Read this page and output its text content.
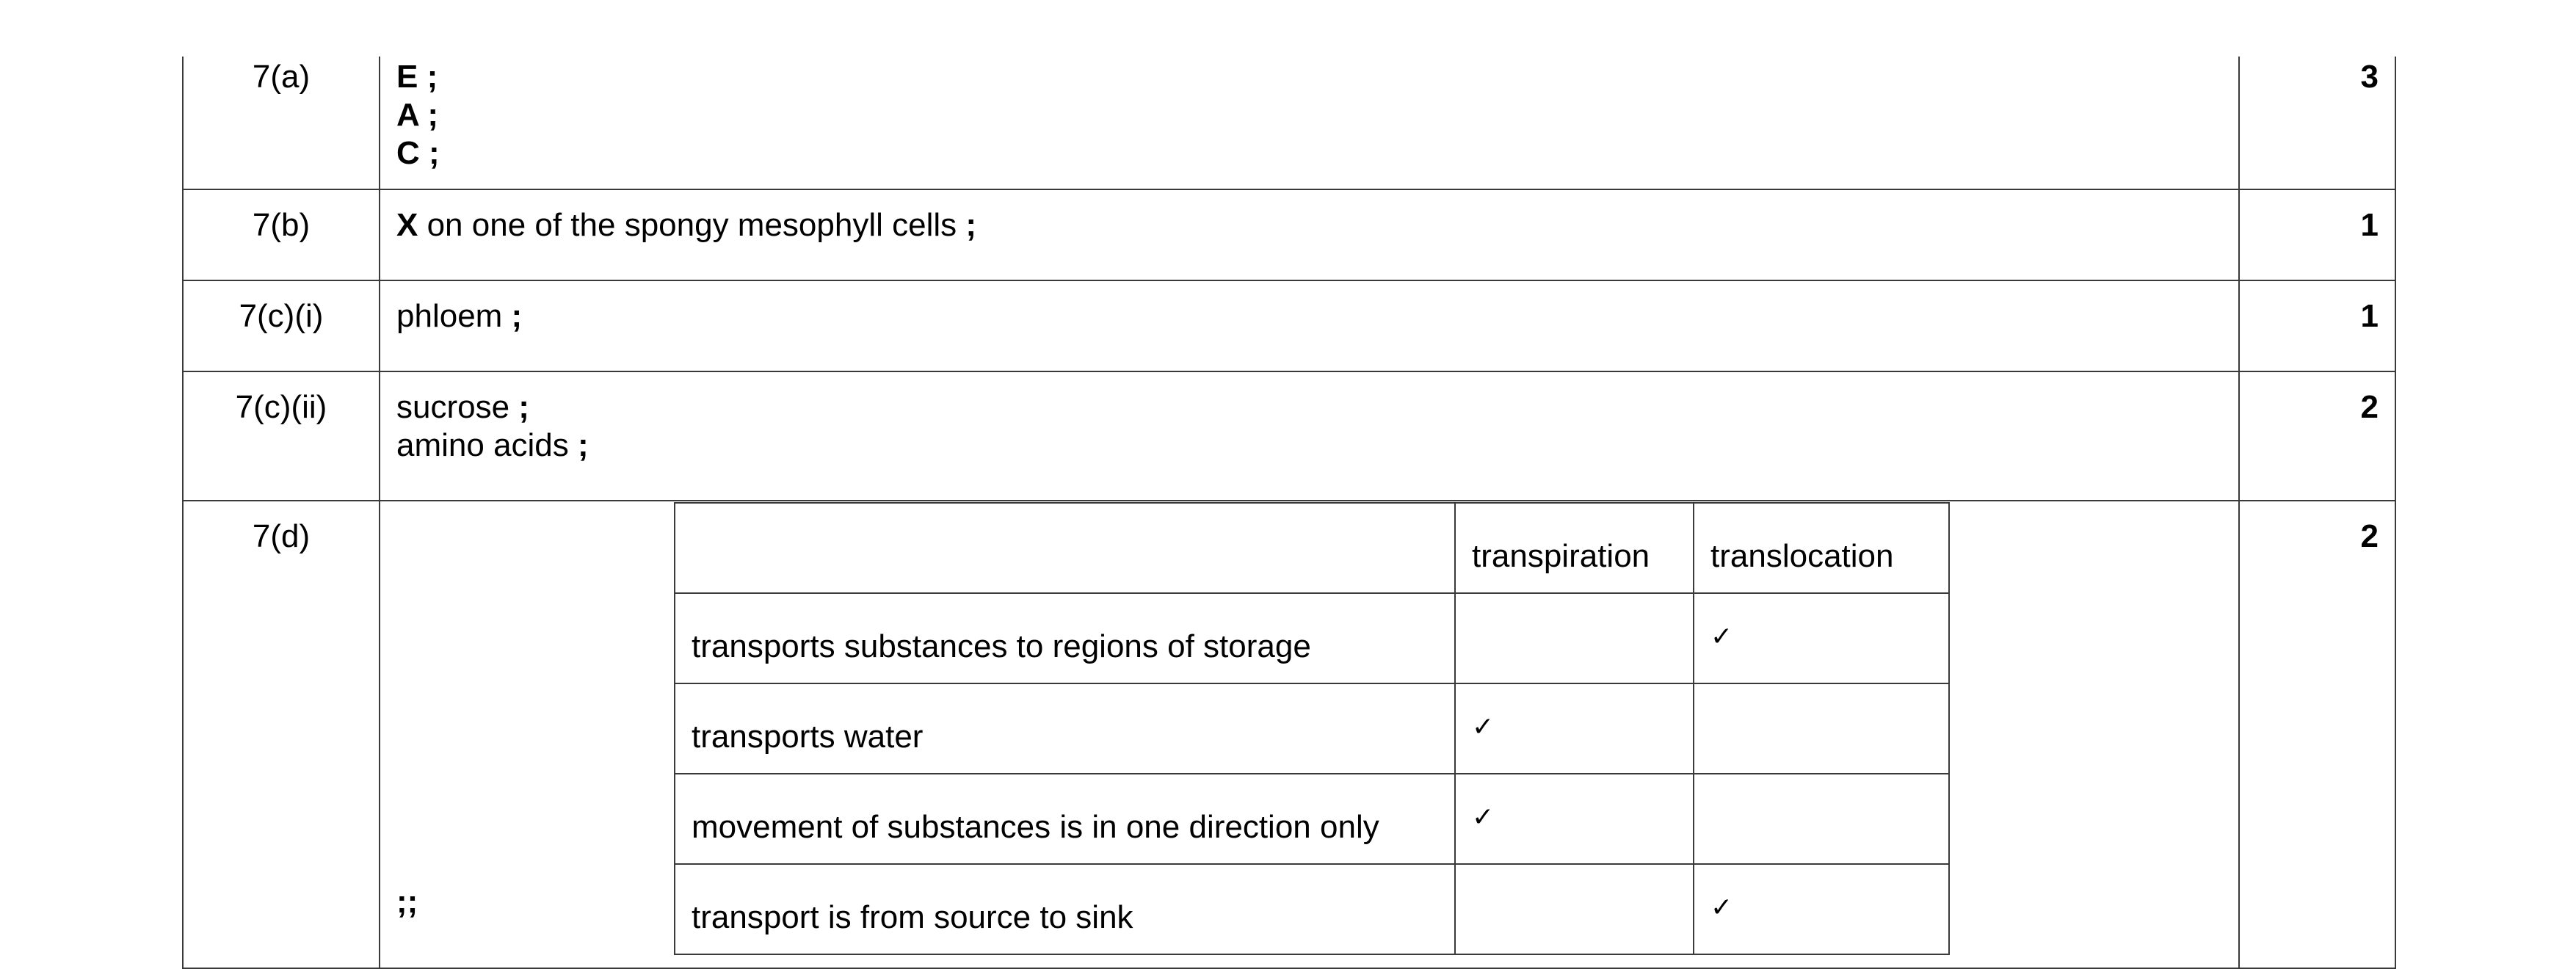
7(a)	E ;
A ;
C ;
	3
7(b)	X on one of the spongy mesophyll cells ;	1
7(c)(i)	phloem ;	1
7(c)(ii)	sucrose ;
amino acids ;
	2
7(d)	
	transpiration	translocation
transports substances to regions of storage		✓
transports water	✓	
movement of substances is in one direction only	✓	
transport is from source to sink		✓
;;
	2
